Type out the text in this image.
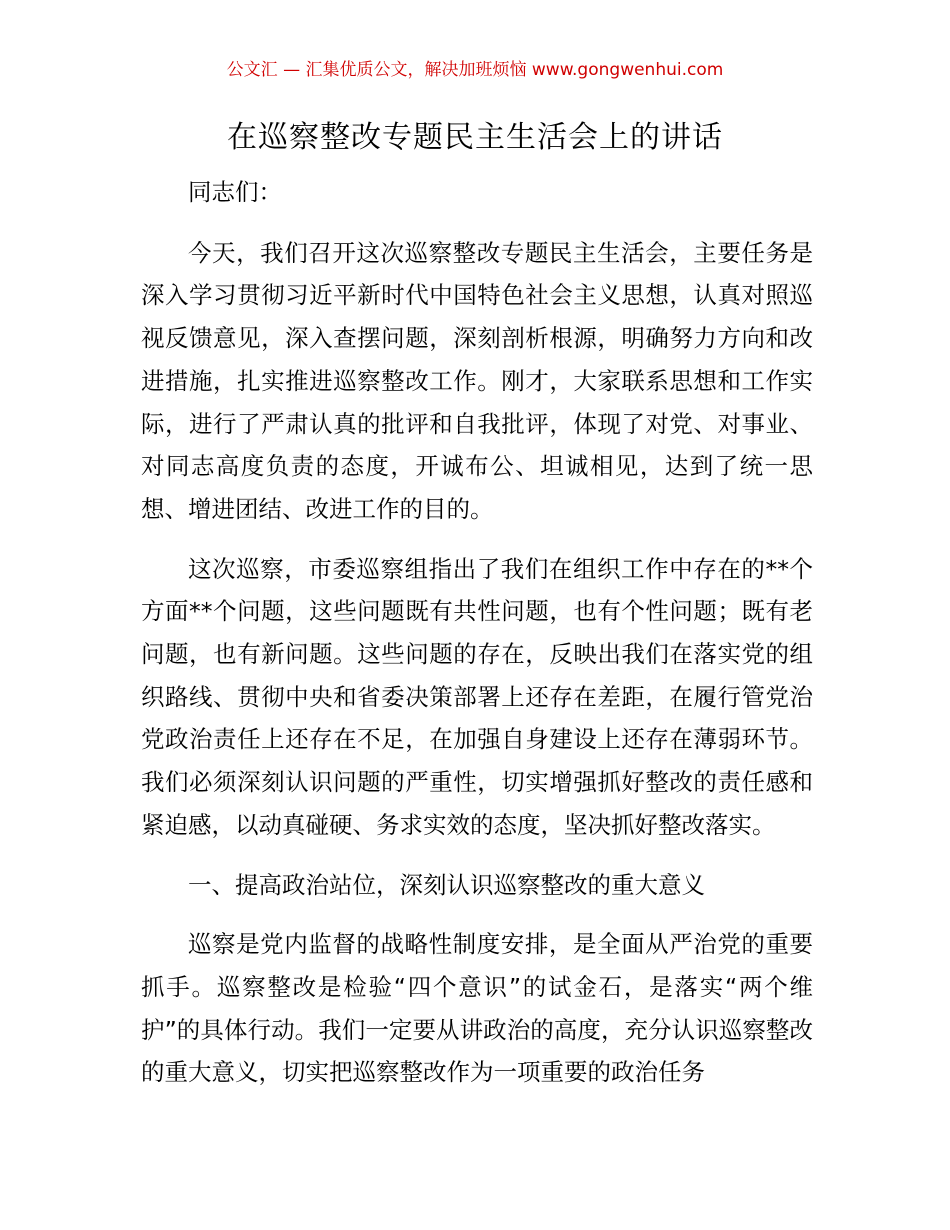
公文汇 — 汇集优质公文，解决加班烦恼 www.gongwenhui.com
在巡察整改专题民主生活会上的讲话

同志们：

今天，我们召开这次巡察整改专题民主生活会，主要任务是深入学习贯彻习近平新时代中国特色社会主义思想，认真对照巡视反馈意见，深入查摆问题，深刻剖析根源，明确努力方向和改进措施，扎实推进巡察整改工作。刚才，大家联系思想和工作实际，进行了严肃认真的批评和自我批评，体现了对党、对事业、对同志高度负责的态度，开诚布公、坦诚相见，达到了统一思想、增进团结、改进工作的目的。

这次巡察，市委巡察组指出了我们在组织工作中存在的**个方面**个问题，这些问题既有共性问题，也有个性问题；既有老问题，也有新问题。这些问题的存在，反映出我们在落实党的组织路线、贯彻中央和省委决策部署上还存在差距，在履行管党治党政治责任上还存在不足，在加强自身建设上还存在薄弱环节。我们必须深刻认识问题的严重性，切实增强抓好整改的责任感和紧迫感，以动真碰硬、务求实效的态度，坚决抓好整改落实。

一、提高政治站位，深刻认识巡察整改的重大意义

巡察是党内监督的战略性制度安排，是全面从严治党的重要抓手。巡察整改是检验“四个意识”的试金石，是落实“两个维护”的具体行动。我们一定要从讲政治的高度，充分认识巡察整改的重大意义，切实把巡察整改作为一项重要的政治任务
